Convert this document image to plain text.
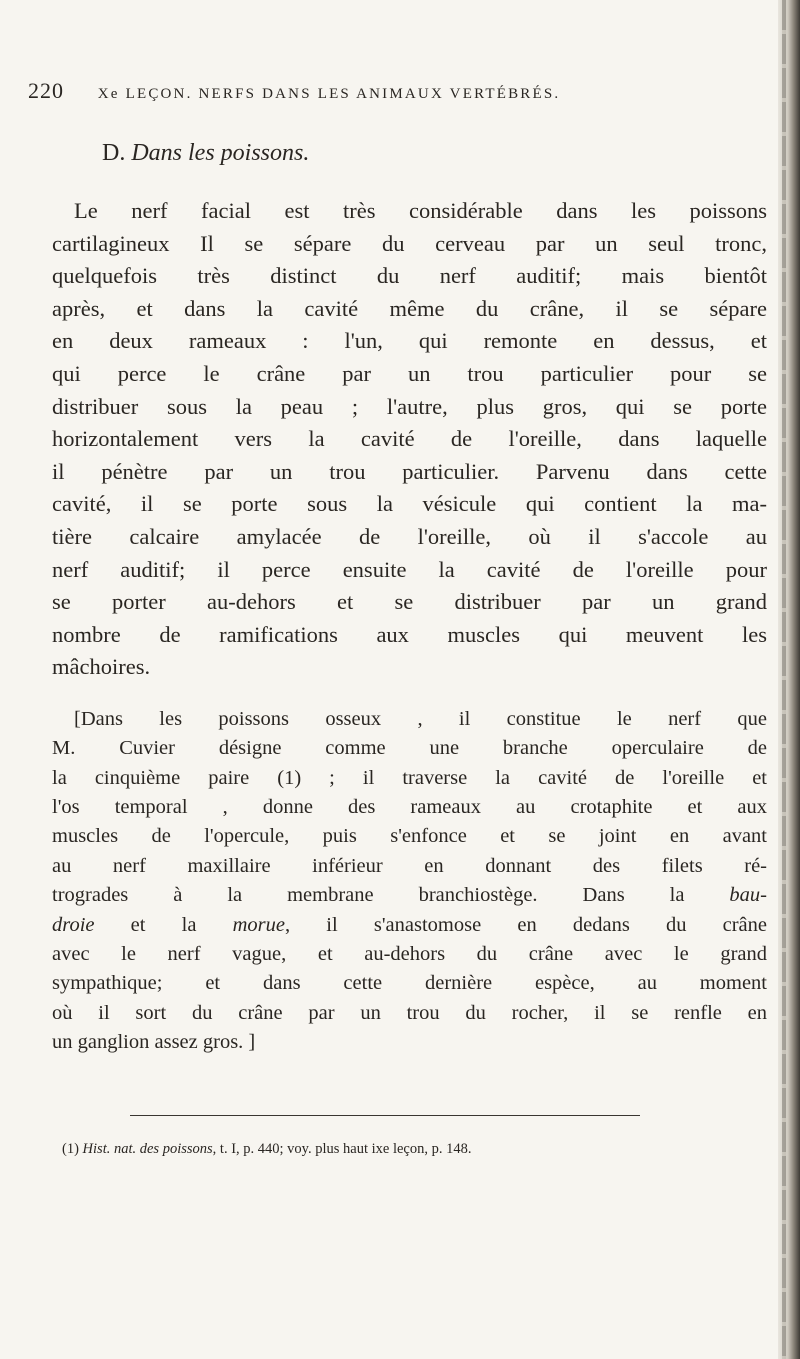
220 Xe LEÇON. NERFS DANS LES ANIMAUX VERTÉBRÉS.
D. Dans les poissons.
Le nerf facial est très considérable dans les poissons
cartilagineux Il se sépare du cerveau par un seul tronc,
quelquefois très distinct du nerf auditif; mais bientôt
après, et dans la cavité même du crâne, il se sépare
en deux rameaux : l'un, qui remonte en dessus, et
qui perce le crâne par un trou particulier pour se
distribuer sous la peau ; l'autre, plus gros, qui se porte
horizontalement vers la cavité de l'oreille, dans laquelle
il pénètre par un trou particulier. Parvenu dans cette
cavité, il se porte sous la vésicule qui contient la ma-
tière calcaire amylacée de l'oreille, où il s'accole au
nerf auditif; il perce ensuite la cavité de l'oreille pour
se porter au-dehors et se distribuer par un grand
nombre de ramifications aux muscles qui meuvent les
mâchoires.
[Dans les poissons osseux , il constitue le nerf que
M. Cuvier désigne comme une branche operculaire de
la cinquième paire (1) ; il traverse la cavité de l'oreille et
l'os temporal , donne des rameaux au crotaphite et aux
muscles de l'opercule, puis s'enfonce et se joint en avant
au nerf maxillaire inférieur en donnant des filets ré-
trogrades à la membrane branchiostège. Dans la bau-
droie et la morue, il s'anastomose en dedans du crâne
avec le nerf vague, et au-dehors du crâne avec le grand
sympathique; et dans cette dernière espèce, au moment
où il sort du crâne par un trou du rocher, il se renfle en
un ganglion assez gros. ]
(1) Hist. nat. des poissons, t. I, p. 440; voy. plus haut ixe leçon, p. 148.
